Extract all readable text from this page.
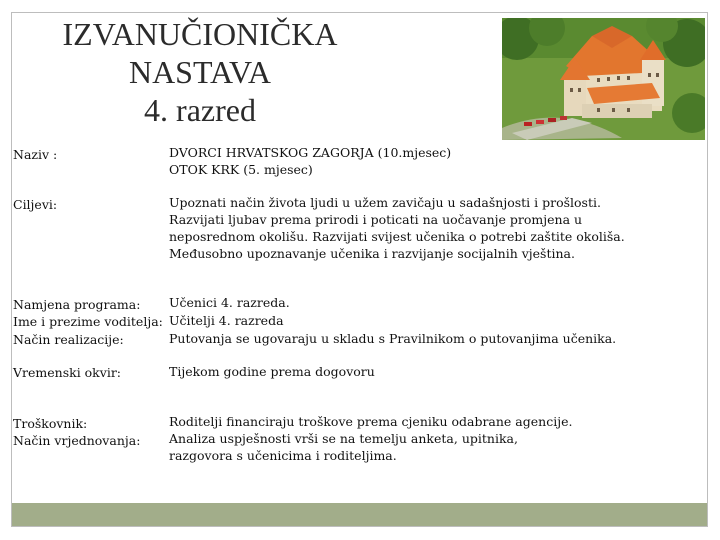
IZVANUČIONIČKA
NASTAVA
4. razred
Naziv :	DVORCI HRVATSKOG ZAGORJA (10.mjesec)
OTOK KRK (5. mjesec)
Ciljevi:	Upoznati način života ljudi u užem zavičaju u sadašnjosti i prošlosti.
Razvijati ljubav prema prirodi i poticati na uočavanje promjena u
neposrednom okolišu. Razvijati svijest učenika o potrebi zaštite okoliša.
Međusobno upoznavanje učenika i razvijanje socijalnih vještina.
Namjena programa:	Učenici 4. razreda.
Ime i prezime voditelja: Učitelji 4. razreda
Način realizacije:	Putovanja se ugovaraju u skladu s Pravilnikom o putovanjima učenika.
Vremenski okvir:	Tijekom godine prema dogovoru
Troškovnik:	Roditelji financiraju troškove prema cjeniku odabrane agencije.
Način vrjednovanja:	Analiza uspješnosti vrši se na temelju anketa, upitnika,
razgovora s učenicima i roditeljima.
